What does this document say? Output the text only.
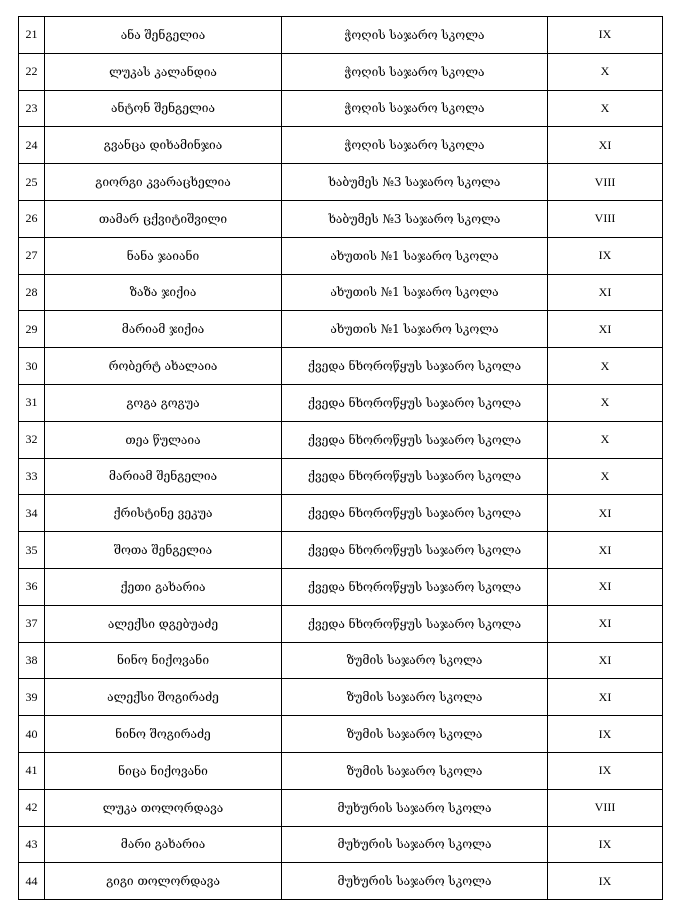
21	ანა შენგელია	ჭოღის საჯარო სკოლა	IX
22	ლუკას კალანდია	ჭოღის საჯარო სკოლა	X
23	ანტონ შენგელია	ჭოღის საჯარო სკოლა	X
24	გვანცა დიხამინჯია	ჭოღის საჯარო სკოლა	XI
25	გიორგი კვარაცხელია	ხაბუმეს №3 საჯარო სკოლა	VIII
26	თამარ ცქვიტიშვილი	ხაბუმეს №3 საჯარო სკოლა	VIII
27	ნანა ჯაიანი	ახუთის №1 საჯარო სკოლა	IX
28	ზაზა ჯიქია	ახუთის №1 საჯარო სკოლა	XI
29	მარიამ ჯიქია	ახუთის №1 საჯარო სკოლა	XI
30	რობერტ ახალაია	ქვედა ნხოროწყუს საჯარო სკოლა	X
31	გოგა გოგუა	ქვედა ნხოროწყუს საჯარო სკოლა	X
32	თეა წულაია	ქვედა ნხოროწყუს საჯარო სკოლა	X
33	მარიამ შენგელია	ქვედა ნხოროწყუს საჯარო სკოლა	X
34	ქრისტინე ვეკუა	ქვედა ნხოროწყუს საჯარო სკოლა	XI
35	შოთა შენგელია	ქვედა ნხოროწყუს საჯარო სკოლა	XI
36	ქეთი გახარია	ქვედა ნხოროწყუს საჯარო სკოლა	XI
37	ალექსი დგებუაძე	ქვედა ნხოროწყუს საჯარო სკოლა	XI
38	ნინო ნიქოვანი	ზუმის საჯარო სკოლა	XI
39	ალექსი შოგირაძე	ზუმის საჯარო სკოლა	XI
40	ნინო შოგირაძე	ზუმის საჯარო სკოლა	IX
41	ნიცა ნიქოვანი	ზუმის საჯარო სკოლა	IX
42	ლუკა თოლორდავა	მუხურის საჯარო სკოლა	VIII
43	მარი გახარია	მუხურის საჯარო სკოლა	IX
44	გიგი თოლორდავა	მუხურის საჯარო სკოლა	IX
